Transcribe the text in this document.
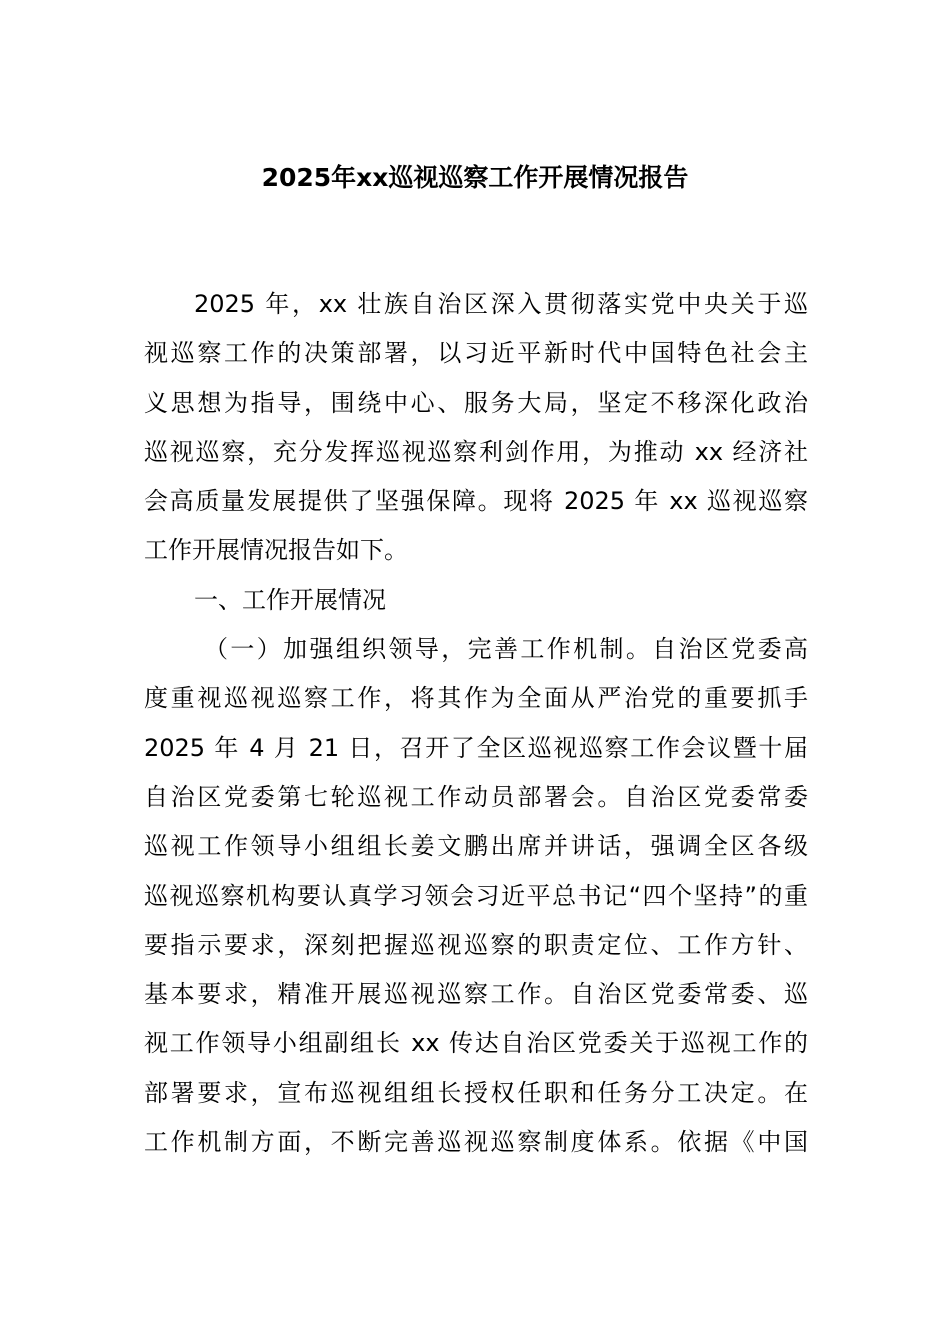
2025年xx巡视巡察工作开展情况报告
2025 年，xx 壮族自治区深入贯彻落实党中央关于巡
视巡察工作的决策部署，以习近平新时代中国特色社会主
义思想为指导，围绕中心、服务大局，坚定不移深化政治
巡视巡察，充分发挥巡视巡察利剑作用，为推动 xx 经济社
会高质量发展提供了坚强保障。现将 2025 年 xx 巡视巡察
工作开展情况报告如下。
一、工作开展情况
（一）加强组织领导，完善工作机制。自治区党委高
度重视巡视巡察工作，将其作为全面从严治党的重要抓手
2025 年 4 月 21 日，召开了全区巡视巡察工作会议暨十届
自治区党委第七轮巡视工作动员部署会。自治区党委常委
巡视工作领导小组组长姜文鹏出席并讲话，强调全区各级
巡视巡察机构要认真学习领会习近平总书记“四个坚持”的重
要指示要求，深刻把握巡视巡察的职责定位、工作方针、
基本要求，精准开展巡视巡察工作。自治区党委常委、巡
视工作领导小组副组长 xx 传达自治区党委关于巡视工作的
部署要求，宣布巡视组组长授权任职和任务分工决定。在
工作机制方面，不断完善巡视巡察制度体系。依据《中国
